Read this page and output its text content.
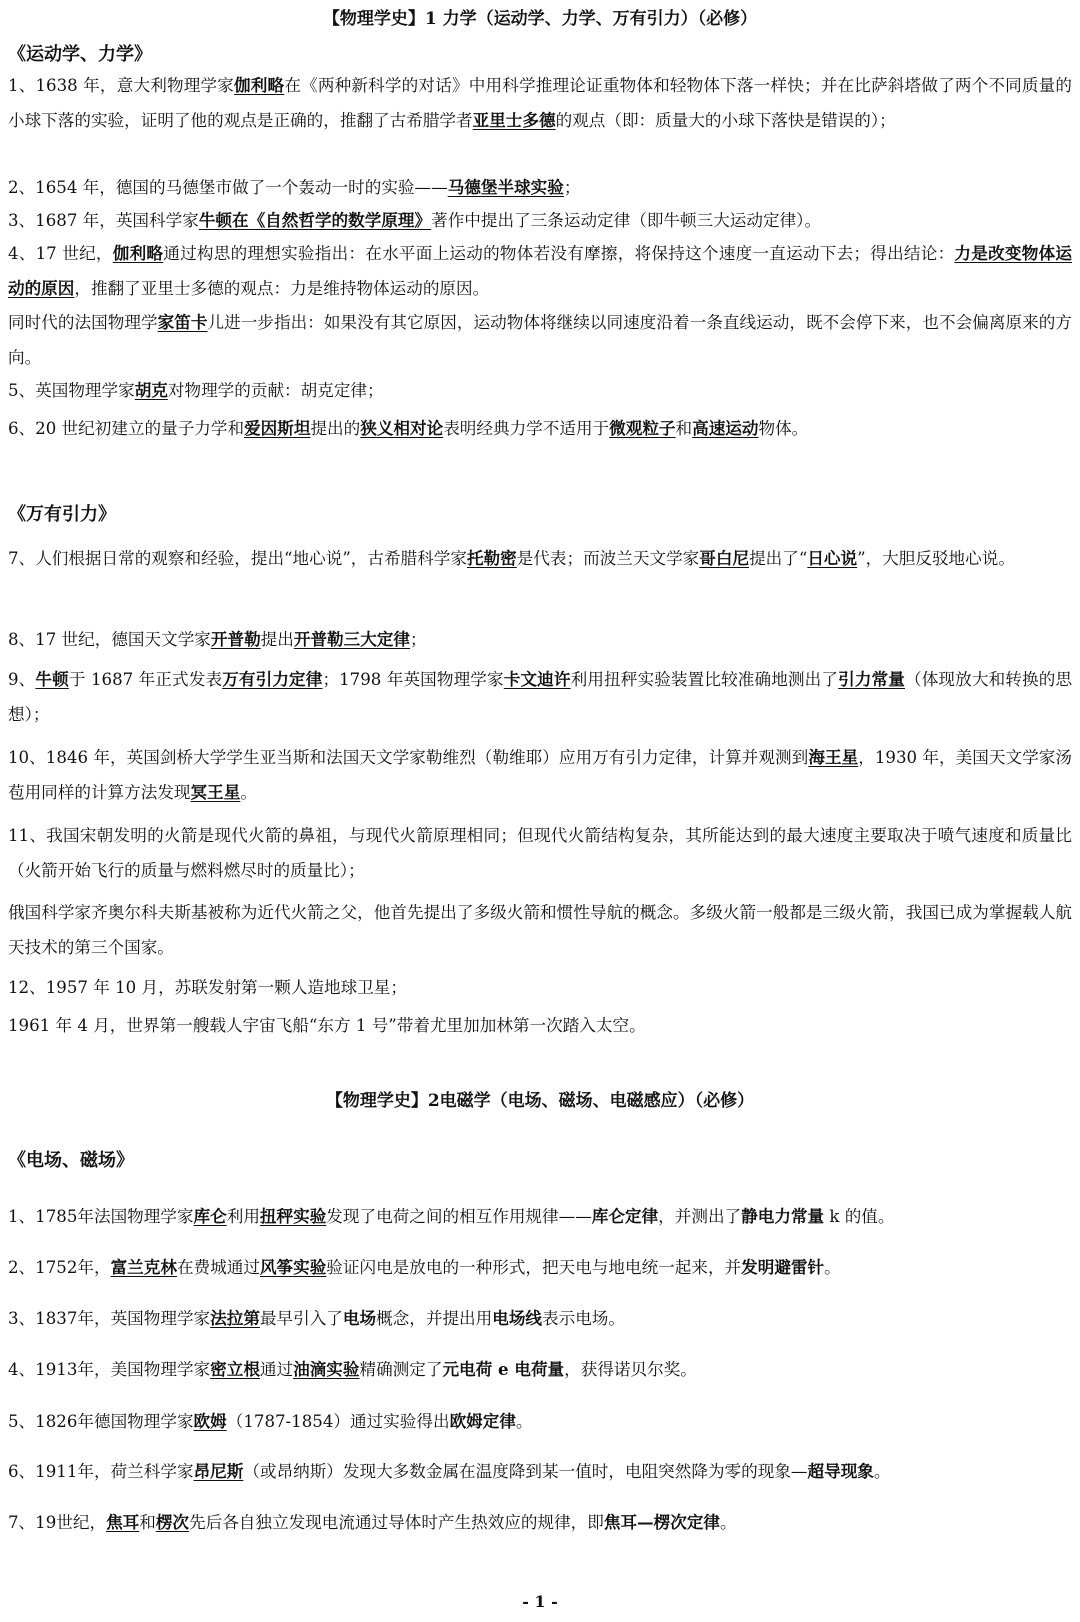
【物理学史】1 力学（运动学、力学、万有引力）（必修）
《运动学、力学》
1、1638 年，意大利物理学家伽利略在《两种新科学的对话》中用科学推理论证重物体和轻物体下落一样快；并在比萨斜塔做了两个不同质量的小球下落的实验，证明了他的观点是正确的，推翻了古希腊学者亚里士多德的观点（即：质量大的小球下落快是错误的）；
2、1654 年，德国的马德堡市做了一个轰动一时的实验——马德堡半球实验；
3、1687 年，英国科学家牛顿在《自然哲学的数学原理》著作中提出了三条运动定律（即牛顿三大运动定律）。
4、17 世纪，伽利略通过构思的理想实验指出：在水平面上运动的物体若没有摩擦，将保持这个速度一直运动下去；得出结论：力是改变物体运动的原因，推翻了亚里士多德的观点：力是维持物体运动的原因。
同时代的法国物理学家笛卡儿进一步指出：如果没有其它原因，运动物体将继续以同速度沿着一条直线运动，既不会停下来，也不会偏离原来的方向。
5、英国物理学家胡克对物理学的贡献：胡克定律；
6、20 世纪初建立的量子力学和爱因斯坦提出的狭义相对论表明经典力学不适用于微观粒子和高速运动物体。
《万有引力》
7、人们根据日常的观察和经验，提出“地心说”，古希腊科学家托勒密是代表；而波兰天文学家哥白尼提出了“日心说”，大胆反驳地心说。
8、17 世纪，德国天文学家开普勒提出开普勒三大定律；
9、牛顿于 1687 年正式发表万有引力定律；1798 年英国物理学家卡文迪许利用扭秤实验装置比较准确地测出了引力常量（体现放大和转换的思想）；
10、1846 年，英国剑桥大学学生亚当斯和法国天文学家勒维烈（勒维耶）应用万有引力定律，计算并观测到海王星，1930 年，美国天文学家汤苞用同样的计算方法发现冥王星。
11、我国宋朝发明的火箭是现代火箭的鼻祖，与现代火箭原理相同；但现代火箭结构复杂，其所能达到的最大速度主要取决于喷气速度和质量比（火箭开始飞行的质量与燃料燃尽时的质量比）；
俄国科学家齐奥尔科夫斯基被称为近代火箭之父，他首先提出了多级火箭和惯性导航的概念。多级火箭一般都是三级火箭，我国已成为掌握载人航天技术的第三个国家。
12、1957 年 10 月，苏联发射第一颗人造地球卫星；
1961 年 4 月，世界第一艘载人宇宙飞船“东方 1 号”带着尤里加加林第一次踏入太空。
【物理学史】2电磁学（电场、磁场、电磁感应）（必修）
《电场、磁场》
1、1785年法国物理学家库仑利用扭秤实验发现了电荷之间的相互作用规律——库仑定律，并测出了静电力常量 k 的值。
2、1752年，富兰克林在费城通过风筝实验验证闪电是放电的一种形式，把天电与地电统一起来，并发明避雷针。
3、1837年，英国物理学家法拉第最早引入了电场概念，并提出用电场线表示电场。
4、1913年，美国物理学家密立根通过油滴实验精确测定了元电荷 e 电荷量，获得诺贝尔奖。
5、1826年德国物理学家欧姆（1787-1854）通过实验得出欧姆定律。
6、1911年，荷兰科学家昂尼斯（或昂纳斯）发现大多数金属在温度降到某一值时，电阻突然降为零的现象—超导现象。
7、19世纪，焦耳和楞次先后各自独立发现电流通过导体时产生热效应的规律，即焦耳—楞次定律。
- 1 -
